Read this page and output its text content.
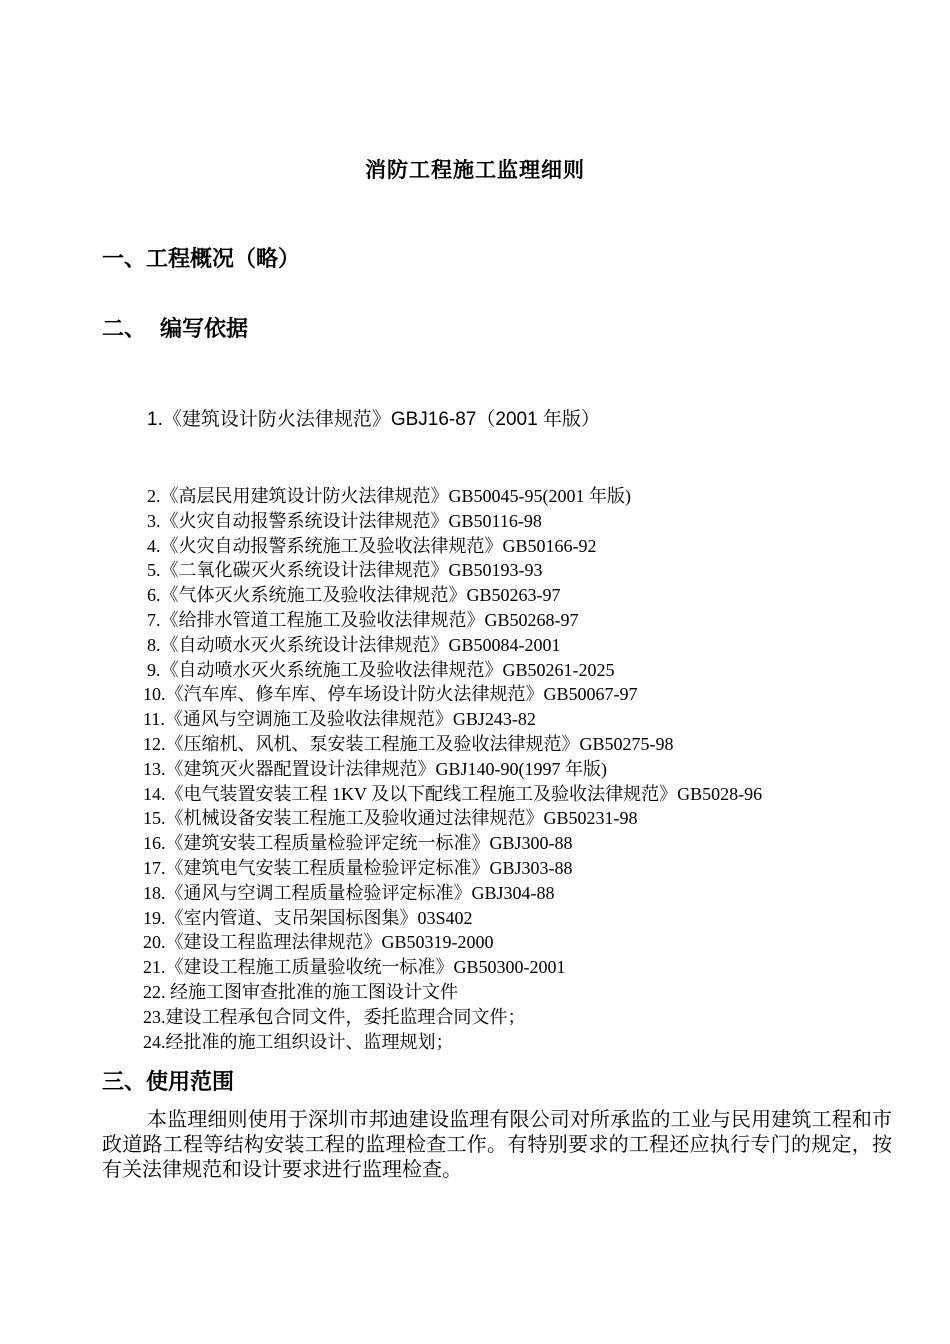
消防工程施工监理细则
一、工程概况（略）
二、 编写依据
1.《建筑设计防火法律规范》GBJ16-87（2001 年版）
2.《高层民用建筑设计防火法律规范》GB50045-95(2001 年版)
3.《火灾自动报警系统设计法律规范》GB50116-98
4.《火灾自动报警系统施工及验收法律规范》GB50166-92
5.《二氧化碳灭火系统设计法律规范》GB50193-93
6.《气体灭火系统施工及验收法律规范》GB50263-97
7.《给排水管道工程施工及验收法律规范》GB50268-97
8.《自动喷水灭火系统设计法律规范》GB50084-2001
9.《自动喷水灭火系统施工及验收法律规范》GB50261-2025
10.《汽车库、修车库、停车场设计防火法律规范》GB50067-97
11.《通风与空调施工及验收法律规范》GBJ243-82
12.《压缩机、风机、泵安装工程施工及验收法律规范》GB50275-98
13.《建筑灭火器配置设计法律规范》GBJ140-90(1997 年版)
14.《电气装置安装工程 1KV 及以下配线工程施工及验收法律规范》GB5028-96
15.《机械设备安装工程施工及验收通过法律规范》GB50231-98
16.《建筑安装工程质量检验评定统一标准》GBJ300-88
17.《建筑电气安装工程质量检验评定标准》GBJ303-88
18.《通风与空调工程质量检验评定标准》GBJ304-88
19.《室内管道、支吊架国标图集》03S402
20.《建设工程监理法律规范》GB50319-2000
21.《建设工程施工质量验收统一标准》GB50300-2001
22. 经施工图审查批准的施工图设计文件
23.建设工程承包合同文件，委托监理合同文件；
24.经批准的施工组织设计、监理规划；
三、使用范围

本监理细则使用于深圳市邦迪建设监理有限公司对所承监的工业与民用建筑工程和市政道路工程等结构安装工程的监理检查工作。有特别要求的工程还应执行专门的规定，按有关法律规范和设计要求进行监理检查。
